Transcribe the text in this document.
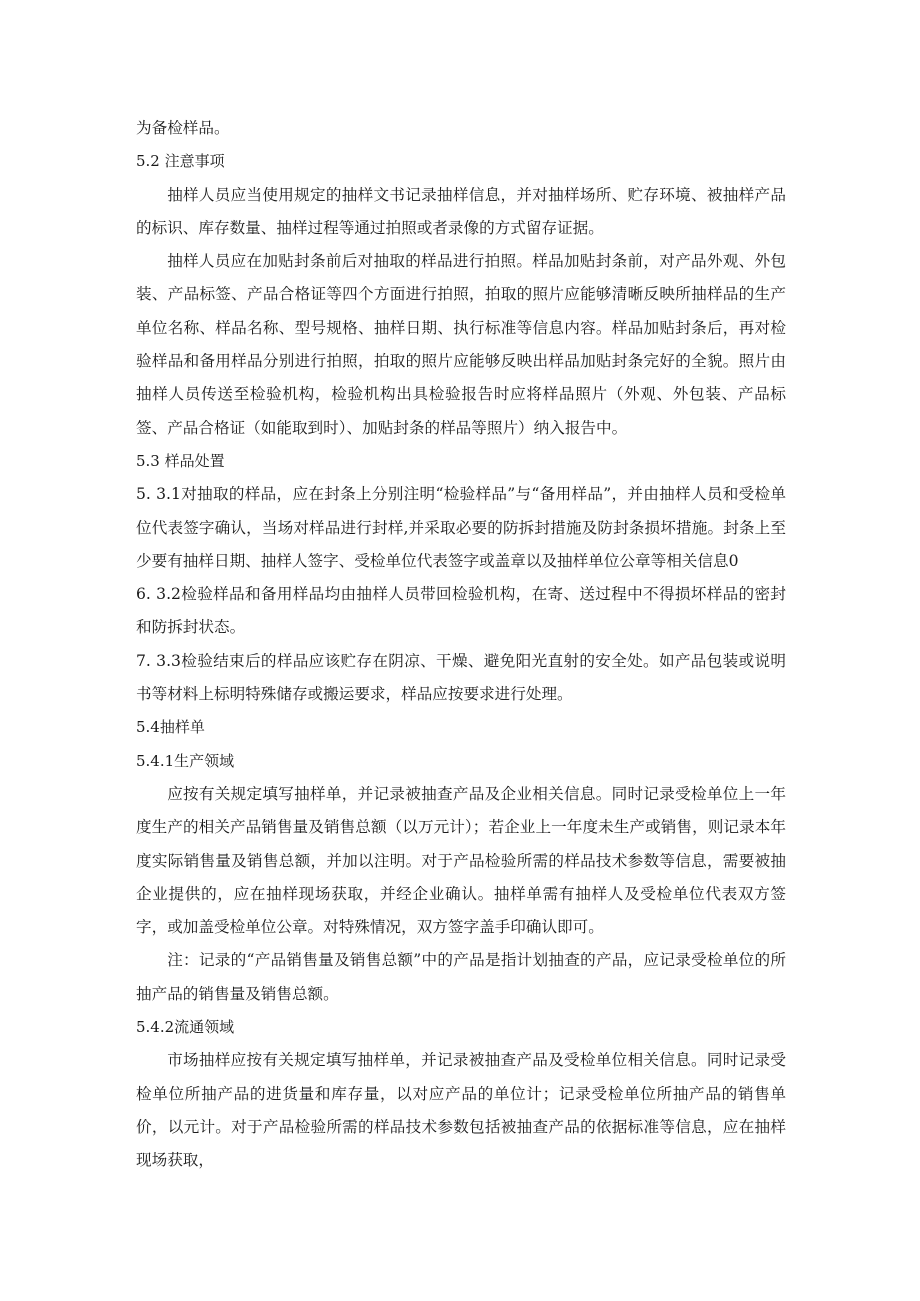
为备检样品。

5.2 注意事项

抽样人员应当使用规定的抽样文书记录抽样信息，并对抽样场所、贮存环境、被抽样产品的标识、库存数量、抽样过程等通过拍照或者录像的方式留存证据。

抽样人员应在加贴封条前后对抽取的样品进行拍照。样品加贴封条前，对产品外观、外包装、产品标签、产品合格证等四个方面进行拍照，拍取的照片应能够清晰反映所抽样品的生产单位名称、样品名称、型号规格、抽样日期、执行标准等信息内容。样品加贴封条后，再对检验样品和备用样品分别进行拍照，拍取的照片应能够反映出样品加贴封条完好的全貌。照片由抽样人员传送至检验机构，检验机构出具检验报告时应将样品照片（外观、外包装、产品标签、产品合格证（如能取到时）、加贴封条的样品等照片）纳入报告中。

5.3 样品处置

5. 3.1对抽取的样品，应在封条上分别注明“检验样品”与“备用样品”，并由抽样人员和受检单位代表签字确认，当场对样品进行封样,并采取必要的防拆封措施及防封条损坏措施。封条上至少要有抽样日期、抽样人签字、受检单位代表签字或盖章以及抽样单位公章等相关信息0

6. 3.2检验样品和备用样品均由抽样人员带回检验机构，在寄、送过程中不得损坏样品的密封和防拆封状态。

7. 3.3检验结束后的样品应该贮存在阴凉、干燥、避免阳光直射的安全处。如产品包装或说明书等材料上标明特殊储存或搬运要求，样品应按要求进行处理。

5.4抽样单

5.4.1生产领域

应按有关规定填写抽样单，并记录被抽查产品及企业相关信息。同时记录受检单位上一年度生产的相关产品销售量及销售总额（以万元计）；若企业上一年度未生产或销售，则记录本年度实际销售量及销售总额，并加以注明。对于产品检验所需的样品技术参数等信息，需要被抽企业提供的，应在抽样现场获取，并经企业确认。抽样单需有抽样人及受检单位代表双方签字，或加盖受检单位公章。对特殊情况，双方签字盖手印确认即可。

注：记录的“产品销售量及销售总额”中的产品是指计划抽查的产品，应记录受检单位的所抽产品的销售量及销售总额。

5.4.2流通领域

市场抽样应按有关规定填写抽样单，并记录被抽查产品及受检单位相关信息。同时记录受检单位所抽产品的进货量和库存量，以对应产品的单位计；记录受检单位所抽产品的销售单价，以元计。对于产品检验所需的样品技术参数包括被抽查产品的依据标准等信息，应在抽样现场获取，
